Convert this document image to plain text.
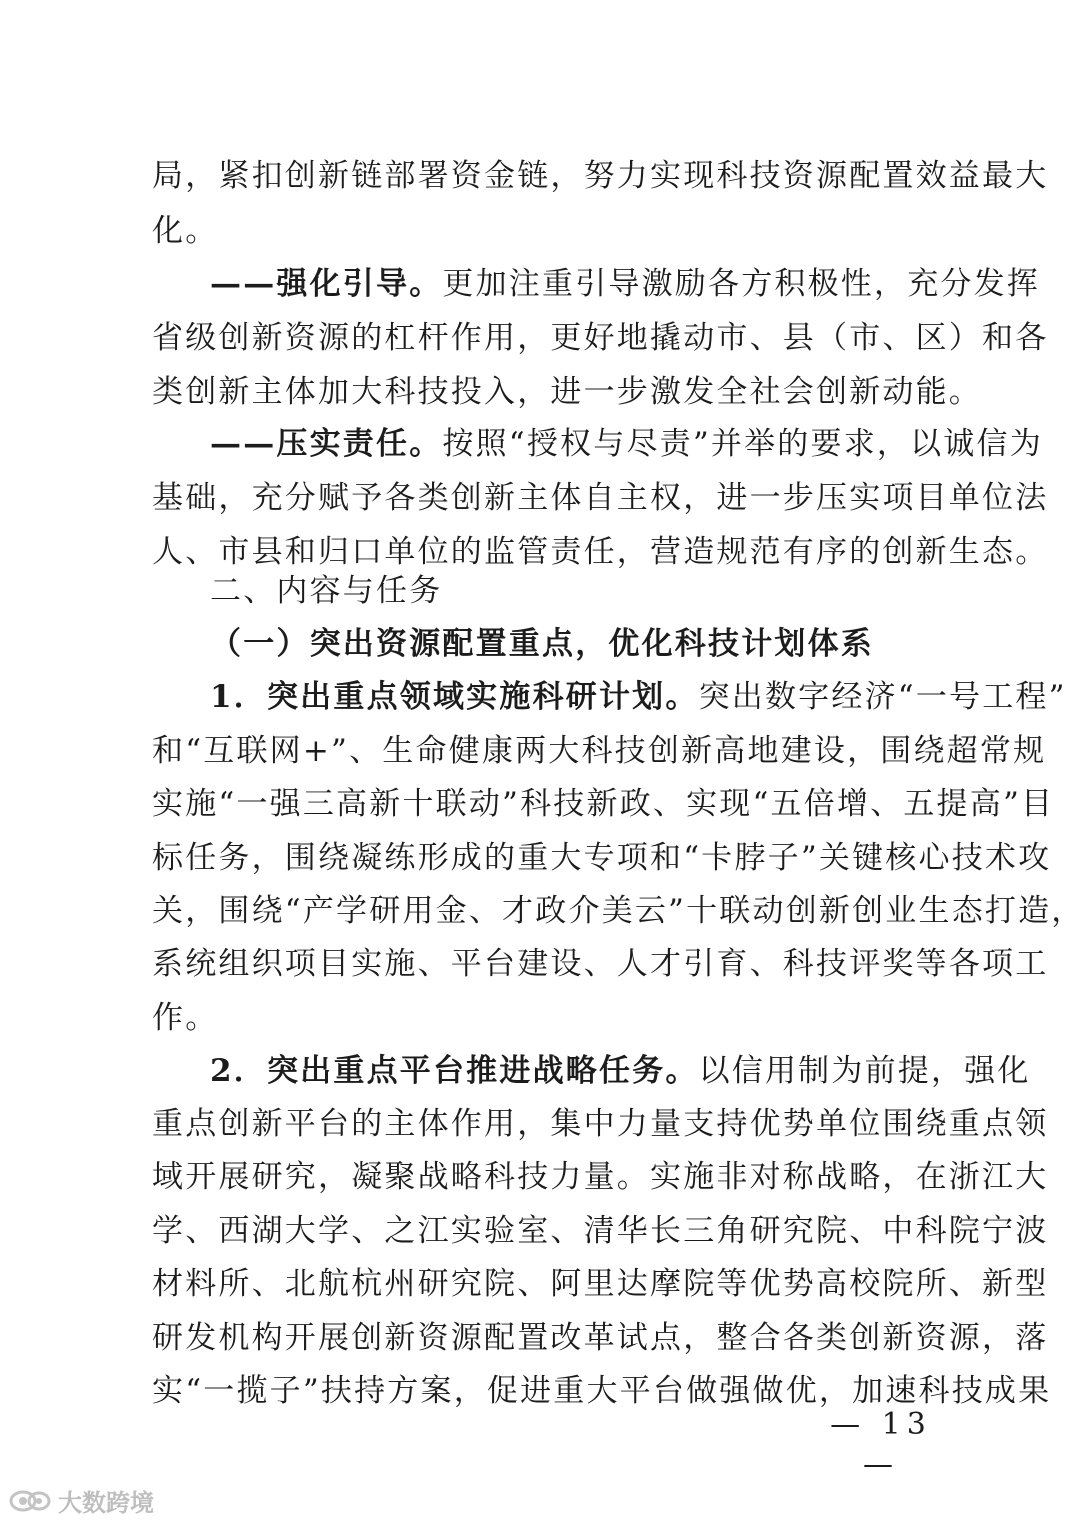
局，紧扣创新链部署资金链，努力实现科技资源配置效益最大
化。
——强化引导。更加注重引导激励各方积极性，充分发挥
省级创新资源的杠杆作用，更好地撬动市、县（市、区）和各
类创新主体加大科技投入，进一步激发全社会创新动能。
——压实责任。按照“授权与尽责”并举的要求，以诚信为
基础，充分赋予各类创新主体自主权，进一步压实项目单位法
人、市县和归口单位的监管责任，营造规范有序的创新生态。
二、内容与任务
（一）突出资源配置重点，优化科技计划体系
1．突出重点领域实施科研计划。突出数字经济“一号工程”
和“互联网+”、生命健康两大科技创新高地建设，围绕超常规
实施“一强三高新十联动”科技新政、实现“五倍增、五提高”目
标任务，围绕凝练形成的重大专项和“卡脖子”关键核心技术攻
关，围绕“产学研用金、才政介美云”十联动创新创业生态打造，
系统组织项目实施、平台建设、人才引育、科技评奖等各项工
作。
2．突出重点平台推进战略任务。以信用制为前提，强化
重点创新平台的主体作用，集中力量支持优势单位围绕重点领
域开展研究，凝聚战略科技力量。实施非对称战略，在浙江大
学、西湖大学、之江实验室、清华长三角研究院、中科院宁波
材料所、北航杭州研究院、阿里达摩院等优势高校院所、新型
研发机构开展创新资源配置改革试点，整合各类创新资源，落
实“一揽子”扶持方案，促进重大平台做强做优，加速科技成果
— 13 —
大数跨境
